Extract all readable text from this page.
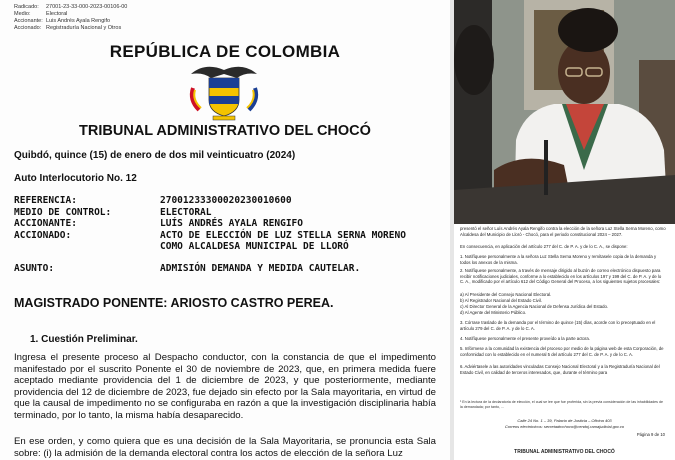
Radicado:	27001-23-33-000-2023-00106-00
Medio:	Electoral
Accionante: Luis Andrés Ayala Rengifo
Accionado: Registraduría Nacional y Otros
REPÚBLICA DE COLOMBIA
TRIBUNAL ADMINISTRATIVO DEL CHOCÓ
Quibdó, quince (15) de enero de dos mil veinticuatro (2024)
Auto Interlocutorio No. 12
REFERENCIA:	27001233300020230010600
MEDIO DE CONTROL:	ELECTORAL
ACCIONANTE:	LUÍS ANDRÉS AYALA RENGIFO
ACCIONADO:	ACTO DE ELECCIÓN DE LUZ STELLA SERNA MORENO
COMO ALCALDESA MUNICIPAL DE LLORÓ
ASUNTO:	ADMISIÓN DEMANDA Y MEDIDA CAUTELAR.
MAGISTRADO PONENTE: ARIOSTO CASTRO PEREA.
1. Cuestión Preliminar.
Ingresa el presente proceso al Despacho conductor, con la constancia de que el impedimento manifestado por el suscrito Ponente el 30 de noviembre de 2023, que, en primera medida fuere aceptado mediante providencia del 1 de diciembre de 2023, y que posteriormente, mediante providencia del 12 de diciembre de 2023, fue dejado sin efecto por la Sala mayoritaria, en virtud de que la causal de impedimento no se configuraba en razón a que la investigación disciplinaria había terminado, por lo tanto, la misma había desaparecido.
En ese orden, y como quiera que es una decisión de la Sala Mayoritaria, se pronuncia esta Sala sobre: (i) la admisión de la demanda electoral contra los actos de elección de la señora Luz
presentó el señor Luís Andrés Ayala Rengifo contra la elección de la señora Luz Stella Serna Moreno, como Alcaldesa del Municipio de Lloró - Chocó, para el periodo constitucional 2024 – 2027.
En consecuencia, en aplicación del artículo 277 del C. de P. A. y de lo C. A., se dispone:
1. Notifíquese personalmente a la señora Luz Stella Serna Moreno y remítasele copia de la demanda y todos los anexos de la misma.
2. Notifíquese personalmente, a través de mensaje dirigido al buzón de correo electrónico dispuesto para recibir notificaciones judiciales, conforme a lo establecido en los artículos 197 y 199 del C. de P. A. y de lo C. A., modificado por el artículo 612 del Código General del Proceso, a los siguientes sujetos procesales:
a) Al Presidente del Consejo Nacional Electoral.
b) Al Registrador Nacional del Estado Civil.
c) Al Director General de la Agencia Nacional de Defensa Jurídica del Estado.
d) Al Agente del Ministerio Público.
3. Córrase traslado de la demanda por el término de quince (15) días, acorde con lo preceptuado en el artículo 279 del C. de P. A. y de lo C. A.
4. Notifíquese personalmente el presente proveído a la parte actora.
5. Infórmese a la comunidad la existencia del proceso por medio de la página web de esta Corporación, de conformidad con lo establecido en el numeral 5 del artículo 277 del C. de P. A. y de lo C. A.
6. Adviértasele a las autoridades vinculadas Consejo Nacional Electoral y a la Registraduría Nacional del Estado Civil, en calidad de terceros interesados, que, durante el término para
¹ En la lectura de la declaratoria de elección, el cual se lee que fue proferida, sin la previa consideración de las inhabilidades de la demandada; por tanto, ...
Calle 24 No. 1 – 39, Palacio de Justicia – Oficina 403
Correos electrónicos: secretadmchoco@cendoj.ramajudicial.gov.co
Página 9 de 10
TRIBUNAL ADMINISTRATIVO DEL CHOCÓ
